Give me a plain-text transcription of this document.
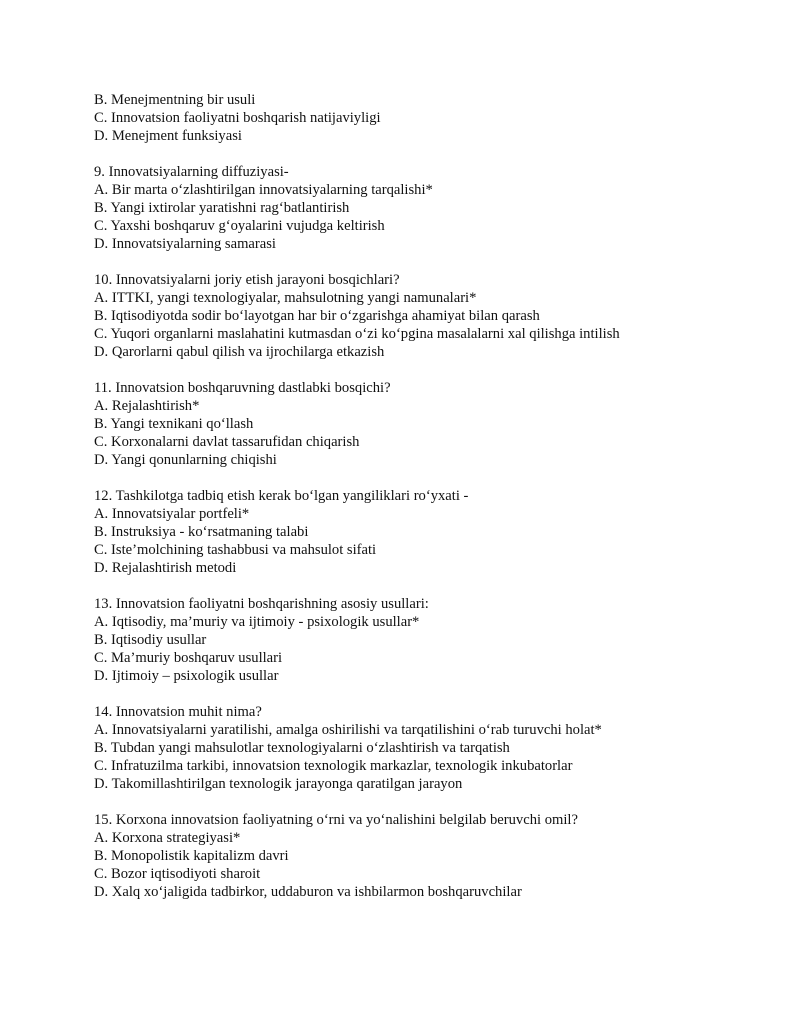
B. Menejmentning bir usuli
C. Innovatsion faoliyatni boshqarish natijaviyligi
D. Menejment funksiyasi
9. Innovatsiyalarning diffuziyasi-
A. Bir marta o‘zlashtirilgan innovatsiyalarning tarqalishi*
B. Yangi ixtirolar yaratishni rag‘batlantirish
C. Yaxshi boshqaruv g‘oyalarini vujudga keltirish
D. Innovatsiyalarning samarasi
10. Innovatsiyalarni joriy etish jarayoni bosqichlari?
A. ITTKI, yangi texnologiyalar, mahsulotning yangi namunalari*
B. Iqtisodiyotda sodir bo‘layotgan har bir o‘zgarishga ahamiyat bilan qarash
C. Yuqori organlarni maslahatini kutmasdan o‘zi ko‘pgina masalalarni xal qilishga intilish
D. Qarorlarni qabul qilish va ijrochilarga etkazish
11. Innovatsion boshqaruvning dastlabki bosqichi?
A. Rejalashtirish*
B. Yangi texnikani qo‘llash
C. Korxonalarni davlat tassarufidan chiqarish
D. Yangi qonunlarning chiqishi
12. Tashkilotga tadbiq etish kerak bo‘lgan yangiliklari ro‘yxati -
A. Innovatsiyalar portfeli*
B. Instruksiya - ko‘rsatmaning talabi
C. Iste’molchining tashabbusi va mahsulot sifati
D. Rejalashtirish metodi
13. Innovatsion faoliyatni boshqarishning asosiy usullari:
A. Iqtisodiy, ma’muriy va ijtimoiy - psixologik usullar*
B. Iqtisodiy usullar
C. Ma’muriy boshqaruv usullari
D. Ijtimoiy – psixologik usullar
14. Innovatsion muhit nima?
A. Innovatsiyalarni yaratilishi, amalga oshirilishi va tarqatilishini o‘rab turuvchi holat*
B. Tubdan yangi mahsulotlar texnologiyalarni o‘zlashtirish va tarqatish
C. Infratuzilma tarkibi, innovatsion texnologik markazlar, texnologik inkubatorlar
D. Takomillashtirilgan texnologik jarayonga qaratilgan jarayon
15. Korxona innovatsion faoliyatning o‘rni va yo‘nalishini belgilab beruvchi omil?
A. Korxona strategiyasi*
B. Monopolistik kapitalizm davri
C. Bozor iqtisodiyoti sharoit
D. Xalq xo‘jaligida tadbirkor, uddaburon va ishbilarmon boshqaruvchilar
